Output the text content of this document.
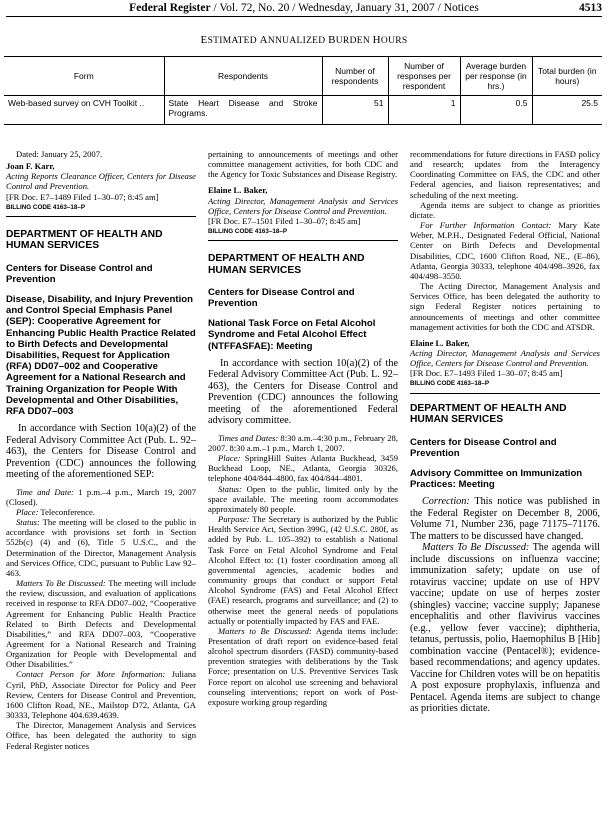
Federal Register / Vol. 72, No. 20 / Wednesday, January 31, 2007 / Notices	4513
ESTIMATED ANNUALIZED BURDEN HOURS
Form	Respondents	Number of respondents	Number of responses per respondent	Average burden per response (in hrs.)	Total burden (in hours)
Web-based survey on CVH Toolkit ..	State Heart Disease and Stroke Programs.	51	1	0.5	25.5

Dated: January 25, 2007.

Joan F. Karr,

Acting Reports Clearance Officer, Centers for Disease Control and Prevention.

[FR Doc. E7–1489 Filed 1–30–07; 8:45 am]

BILLING CODE 4163–18–P

DEPARTMENT OF HEALTH AND HUMAN SERVICES

Centers for Disease Control and Prevention

Disease, Disability, and Injury Prevention and Control Special Emphasis Panel (SEP): Cooperative Agreement for Enhancing Public Health Practice Related to Birth Defects and Developmental Disabilities, Request for Application (RFA) DD07–002 and Cooperative Agreement for a National Research and Training Organization for People With Developmental and Other Disabilities, RFA DD07–003

In accordance with Section 10(a)(2) of the Federal Advisory Committee Act (Pub. L. 92–463), the Centers for Disease Control and Prevention (CDC) announces the following meeting of the aforementioned SEP:

Time and Date: 1 p.m.–4 p.m., March 19, 2007 (Closed).

Place: Teleconference.

Status: The meeting will be closed to the public in accordance with provisions set forth in Section 552b(c) (4) and (6), Title 5 U.S.C., and the Determination of the Director, Management Analysis and Services Office, CDC, pursuant to Public Law 92–463.

Matters To Be Discussed: The meeting will include the review, discussion, and evaluation of applications received in response to RFA DD07–002, “Cooperative Agreement for Enhancing Public Health Practice Related to Birth Defects and Developmental Disabilities,” and RFA DD07–003, “Cooperative Agreement for a National Research and Training Organization for People with Developmental and Other Disabilities.”

Contact Person for More Information: Juliana Cyril, PhD, Associate Director for Policy and Peer Review, Centers for Disease Control and Prevention, 1600 Clifton Road, NE., Mailstop D72, Atlanta, GA 30333, Telephone 404.639.4639.

The Director, Management Analysis and Services Office, has been delegated the authority to sign Federal Register notices

pertaining to announcements of meetings and other committee management activities, for both CDC and the Agency for Toxic Substances and Disease Registry.

Elaine L. Baker,

Acting Director, Management Analysis and Services Office, Centers for Disease Control and Prevention.

[FR Doc. E7–1501 Filed 1–30–07; 8:45 am]

BILLING CODE 4163–18–P

DEPARTMENT OF HEALTH AND HUMAN SERVICES

Centers for Disease Control and Prevention

National Task Force on Fetal Alcohol Syndrome and Fetal Alcohol Effect (NTFFASFAE): Meeting

In accordance with section 10(a)(2) of the Federal Advisory Committee Act (Pub. L. 92–463), the Centers for Disease Control and Prevention (CDC) announces the following meeting of the aforementioned Federal advisory committee.

Times and Dates: 8:30 a.m.–4:30 p.m., February 28, 2007. 8:30 a.m.–1 p.m., March 1, 2007.

Place: SpringHill Suites Atlanta Buckhead, 3459 Buckhead Loop, NE., Atlanta, Georgia 30326, telephone 404/844–4800, fax 404/844–4801.

Status: Open to the public, limited only by the space available. The meeting room accommodates approximately 80 people.

Purpose: The Secretary is authorized by the Public Health Service Act, Section 399G, (42 U.S.C. 280f, as added by Pub. L. 105–392) to establish a National Task Force on Fetal Alcohol Syndrome and Fetal Alcohol Effect to: (1) foster coordination among all governmental agencies, academic bodies and community groups that conduct or support Fetal Alcohol Syndrome (FAS) and Fetal Alcohol Effect (FAE) research, programs and surveillance; and (2) to otherwise meet the general needs of populations actually or potentially impacted by FAS and FAE.

Matters to Be Discussed: Agenda items include: Presentation of draft report on evidence-based fetal alcohol spectrum disorders (FASD) community-based prevention strategies with deliberations by the Task Force; presentation on U.S. Preventive Services Task Force report on alcohol use screening and behavioral counseling interventions; report on work of Post-exposure working group regarding

recommendations for future directions in FASD policy and research; updates from the Interagency Coordinating Committee on FAS, the CDC and other Federal agencies, and liaison representatives; and scheduling of the next meeting.

Agenda items are subject to change as priorities dictate.

For Further Information Contact: Mary Kate Weber, M.P.H., Designated Federal Official, National Center on Birth Defects and Developmental Disabilities, CDC, 1600 Clifton Road, NE., (E–86), Atlanta, Georgia 30333, telephone 404/498–3926, fax 404/498–3550.

The Acting Director, Management Analysis and Services Office, has been delegated the authority to sign Federal Register notices pertaining to announcements of meetings and other committee management activities for both the CDC and ATSDR.

Elaine L. Baker,

Acting Director, Management Analysis and Services Office, Centers for Disease Control and Prevention.

[FR Doc. E7–1493 Filed 1–30–07; 8:45 am]

BILLING CODE 4163–18–P

DEPARTMENT OF HEALTH AND HUMAN SERVICES

Centers for Disease Control and Prevention

Advisory Committee on Immunization Practices: Meeting

Correction: This notice was published in the Federal Register on December 8, 2006, Volume 71, Number 236, page 71175–71176. The matters to be discussed have changed.

Matters To Be Discussed: The agenda will include discussions on influenza vaccine; immunization safety; update on use of rotavirus vaccine; update on use of HPV vaccine; update on use of herpes zoster (shingles) vaccine; vaccine supply; Japanese encephalitis and other flavivirus vaccines (e.g., yellow fever vaccine); diphtheria, tetanus, pertussis, polio, Haemophilus B [Hib] combination vaccine (Pentacel®); evidence-based recommendations; and agency updates. Vaccine for Children votes will be on hepatitis A post exposure prophylaxis, influenza and Pentacel. Agenda items are subject to change as priorities dictate.
